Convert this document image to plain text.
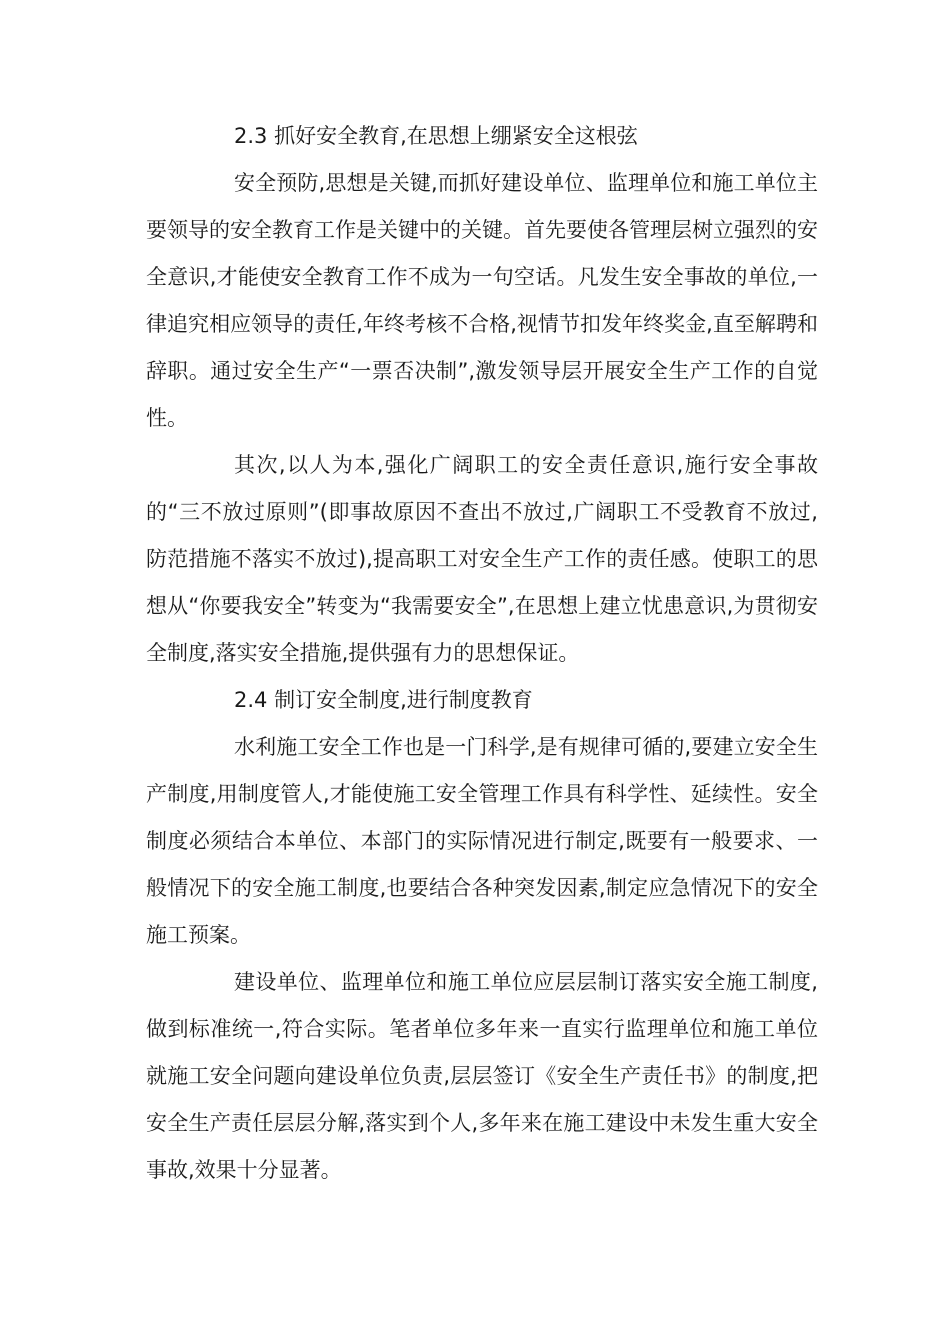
2.3 抓好安全教育,在思想上绷紧安全这根弦

安全预防,思想是关键,而抓好建设单位、监理单位和施工单位主要领导的安全教育工作是关键中的关键。首先要使各管理层树立强烈的安全意识,才能使安全教育工作不成为一句空话。凡发生安全事故的单位,一律追究相应领导的责任,年终考核不合格,视情节扣发年终奖金,直至解聘和辞职。通过安全生产“一票否决制”,激发领导层开展安全生产工作的自觉性。

其次,以人为本,强化广阔职工的安全责任意识,施行安全事故的“三不放过原则”(即事故原因不查出不放过,广阔职工不受教育不放过,防范措施不落实不放过),提高职工对安全生产工作的责任感。使职工的思想从“你要我安全”转变为“我需要安全”,在思想上建立忧患意识,为贯彻安全制度,落实安全措施,提供强有力的思想保证。

2.4 制订安全制度,进行制度教育

水利施工安全工作也是一门科学,是有规律可循的,要建立安全生产制度,用制度管人,才能使施工安全管理工作具有科学性、延续性。安全制度必须结合本单位、本部门的实际情况进行制定,既要有一般要求、一般情况下的安全施工制度,也要结合各种突发因素,制定应急情况下的安全施工预案。

建设单位、监理单位和施工单位应层层制订落实安全施工制度,做到标准统一,符合实际。笔者单位多年来一直实行监理单位和施工单位就施工安全问题向建设单位负责,层层签订《安全生产责任书》的制度,把安全生产责任层层分解,落实到个人,多年来在施工建设中未发生重大安全事故,效果十分显著。
